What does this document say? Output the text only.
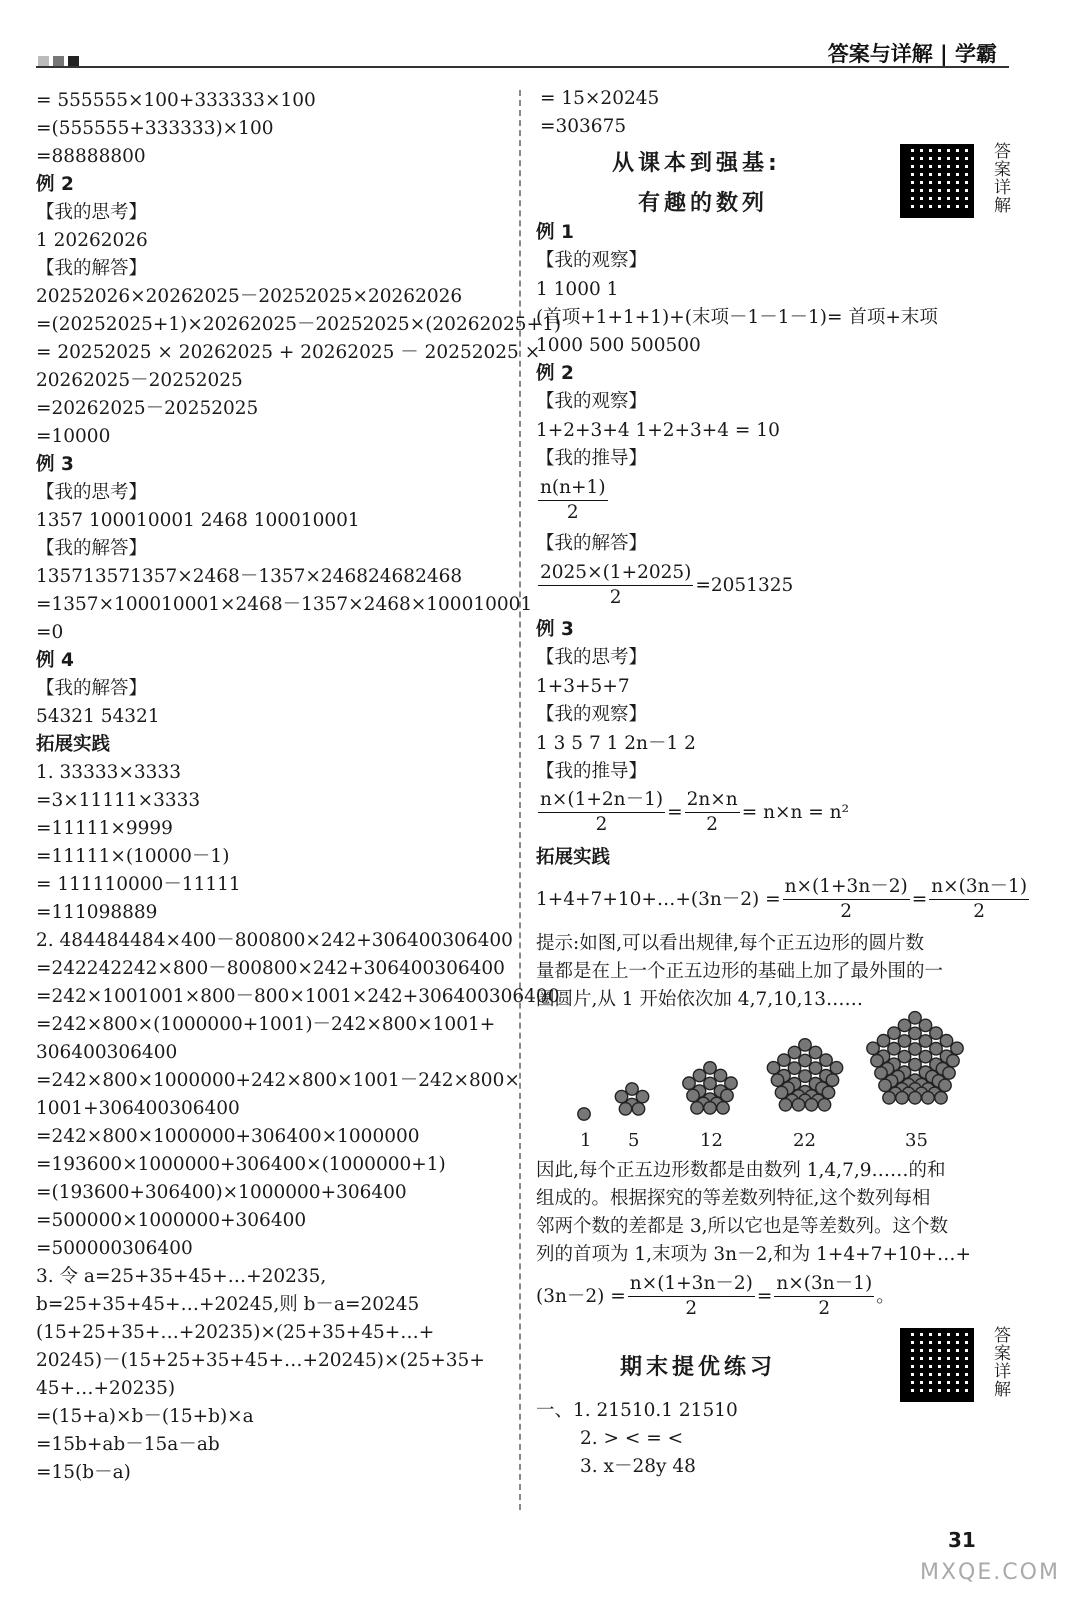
答案与详解 | 学霸
= 555555×100+333333×100
=(555555+333333)×100
=88888800
例 2
【我的思考】
1 20262026
【我的解答】
20252026×20262025－20252025×20262026
=(20252025+1)×20262025－20252025×(20262025+1)
= 20252025 × 20262025 + 20262025 － 20252025 ×
20262025－20252025
=20262025－20252025
=10000
例 3
【我的思考】
1357 100010001 2468 100010001
【我的解答】
135713571357×2468－1357×246824682468
=1357×100010001×2468－1357×2468×100010001
=0
例 4
【我的解答】
54321 54321
拓展实践
1. 33333×3333
=3×11111×3333
=11111×9999
=11111×(10000－1)
= 111110000－11111
=111098889
2. 484484484×400－800800×242+306400306400
=242242242×800－800800×242+306400306400
=242×1001001×800－800×1001×242+306400306400
=242×800×(1000000+1001)－242×800×1001+
306400306400
=242×800×1000000+242×800×1001－242×800×
1001+306400306400
=242×800×1000000+306400×1000000
=193600×1000000+306400×(1000000+1)
=(193600+306400)×1000000+306400
=500000×1000000+306400
=500000306400
3. 令 a=25+35+45+…+20235,
b=25+35+45+…+20245,则 b－a=20245
(15+25+35+…+20235)×(25+35+45+…+
20245)－(15+25+35+45+…+20245)×(25+35+
45+…+20235)
=(15+a)×b－(15+b)×a
=15b+ab－15a－ab
=15(b－a)
= 15×20245
=303675
从课本到强基:
有趣的数列	答案详解
例 1
【我的观察】
1 1000 1
(首项+1+1+1)+(末项－1－1－1)= 首项+末项
1000 500 500500
例 2
【我的观察】
1+2+3+4 1+2+3+4 = 10
【我的推导】
$\frac{n(n+1)}{2}$
【我的解答】
$\frac{2025\times(1+2025)}{2} =2051325$
例 3
【我的思考】
1+3+5+7
【我的观察】
1 3 5 7 1 2n－1 2
【我的推导】
$\frac{n\times(1+2n-1)}{2} = \frac{2n\times n}{2} = n\times n = n^2$
拓展实践
1+4+7+10+…+(3n－2) = $\frac{n\times(1+3n-2)}{2} = \frac{n\times(3n-1)}{2}$
提示:如图,可以看出规律,每个正五边形的圆片数
量都是在上一个正五边形的基础上加了最外围的一
圈圆片,从 1 开始依次加 4,7,10,13……
1 5	12	22	35
因此,每个正五边形数都是由数列 1,4,7,9……的和
组成的。根据探究的等差数列特征,这个数列每相
邻两个数的差都是 3,所以它也是等差数列。这个数
列的首项为 1,末项为 3n－2,和为 1+4+7+10+…+
$(3n-2) = \frac{n\times(1+3n-2)}{2} = \frac{n\times(3n-1)}{2}$ 。
期末提优练习	答案详解
一、1. 21510.1 21510
2. > < = <
3. x－28y 48
31
MXQE.COM
